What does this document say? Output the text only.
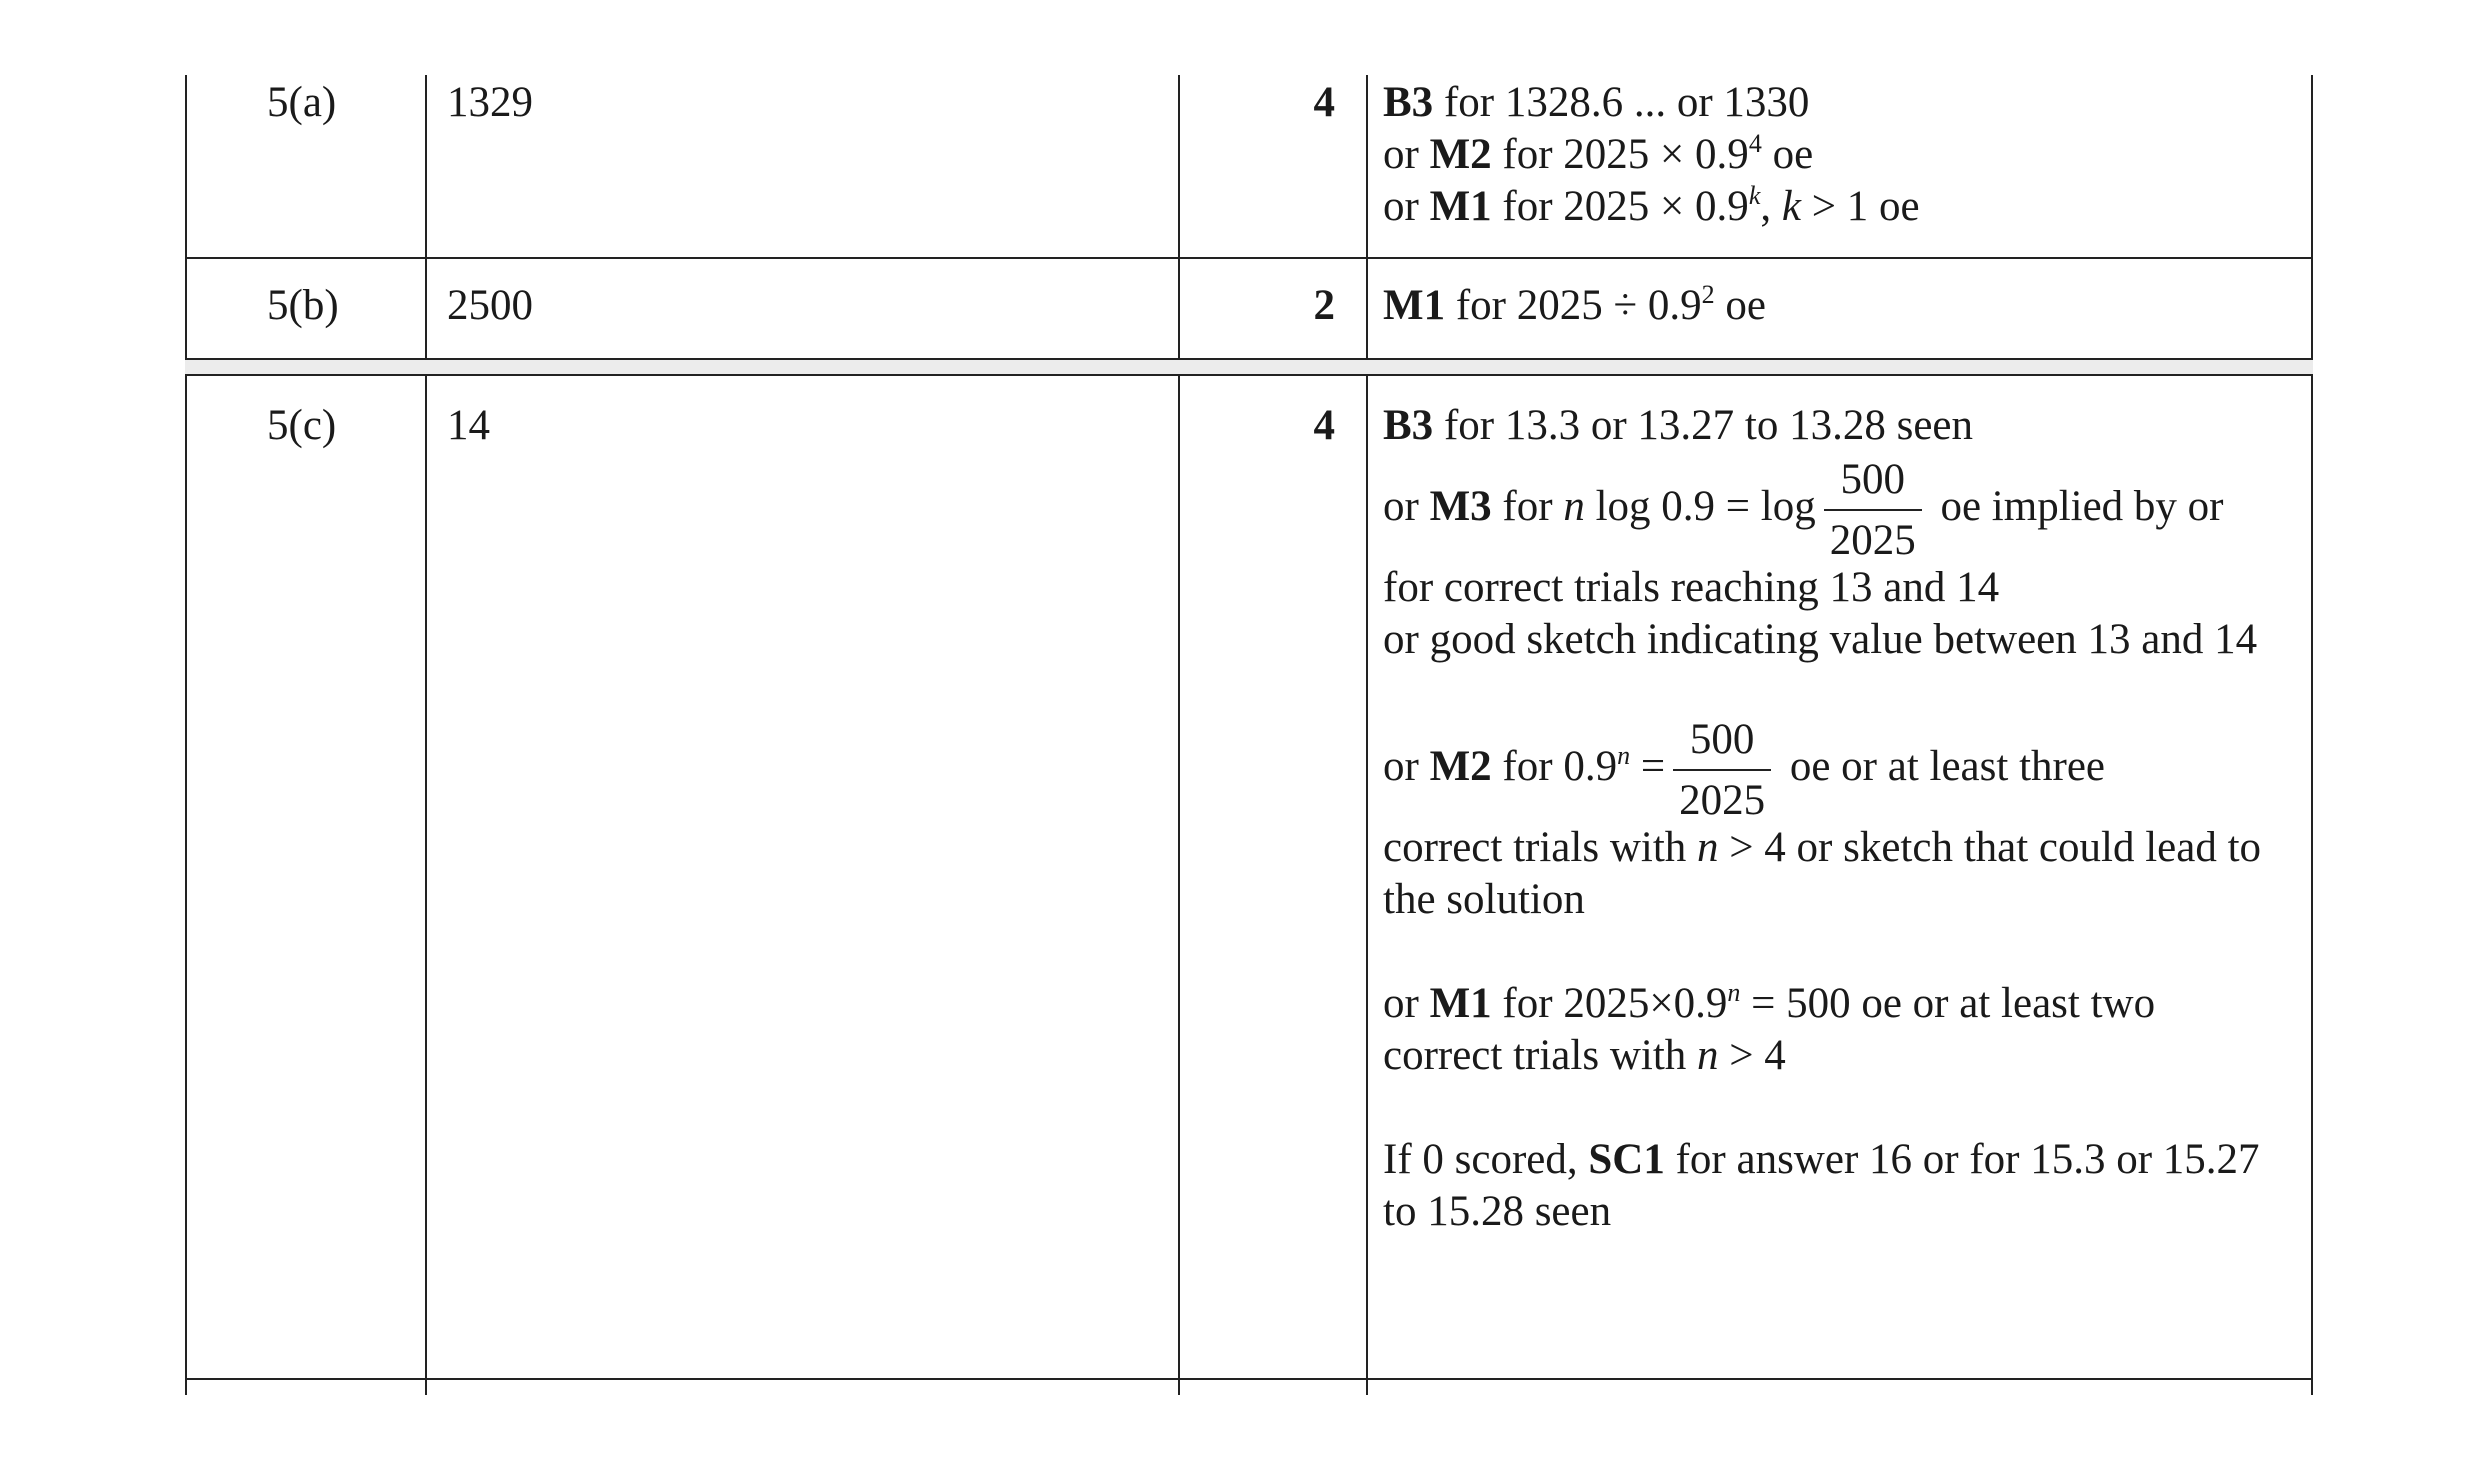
5(a)	1329	4 B3 for 1328.6 ... or 1330
or M2 for $2025 \times 0.9^4$ oe
or M1 for $2025 \times 0.9^k$, k > 1 oe
5(b)	2500	2 M1 for $2025 \div 0.9^2$ oe
5(c)	14	4 B3 for 13.3 or 13.27 to 13.28 seen
or M3 for n $\log 0.9 = \log \frac{500}{2025}$ oe implied by or
for correct trials reaching 13 and 14
or good sketch indicating value between 13 and 14
or M2 for $0.9^n = \frac{500}{2025}$ oe or at least three
correct trials with n > 4 or sketch that could lead to the solution
or M1 for $2025\times 0.9^n = 500$ oe or at least two
correct trials with n > 4
If 0 scored, SC1 for answer 16 or for 15.3 or 15.27 to 15.28 seen
